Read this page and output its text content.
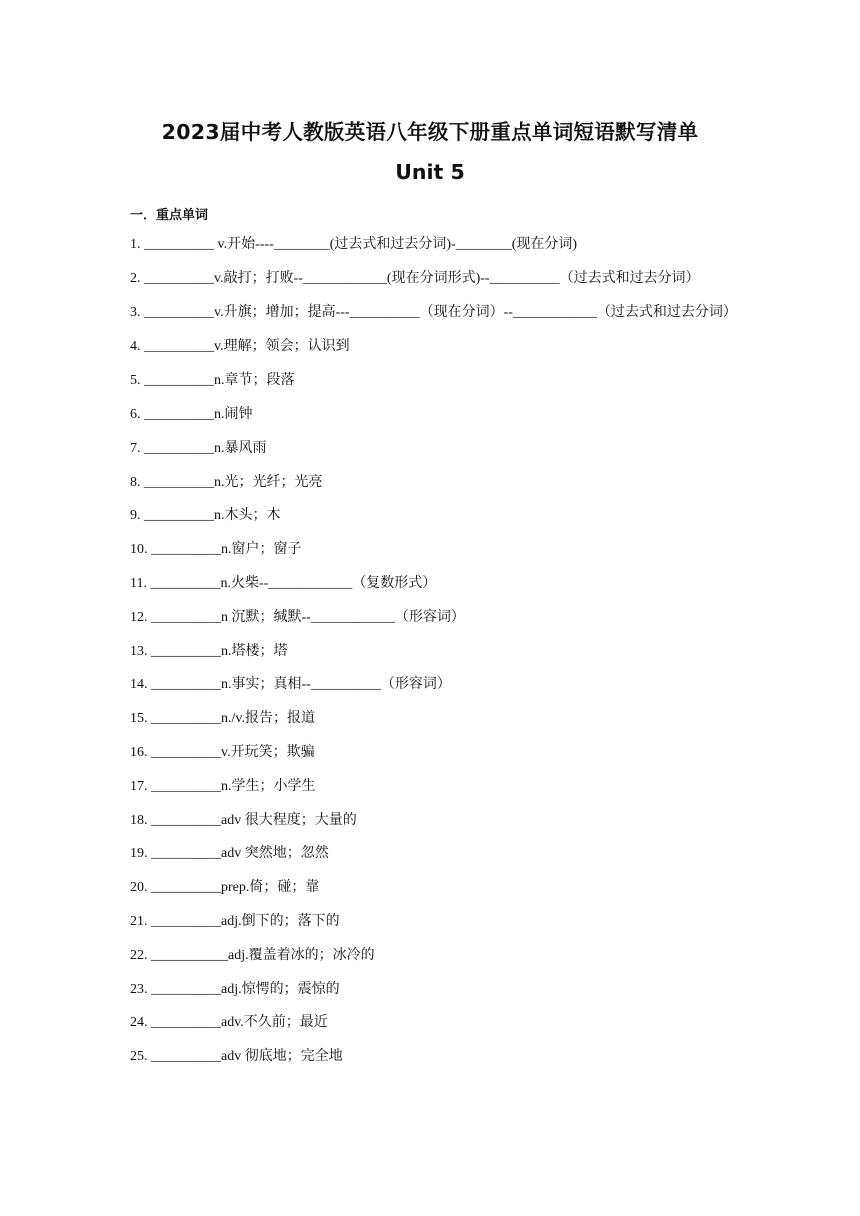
2023届中考人教版英语八年级下册重点单词短语默写清单
Unit 5
一．重点单词
1. __________ v.开始----________(过去式和过去分词)-________(现在分词)
2. __________v.敲打；打败--____________(现在分词形式)--__________（过去式和过去分词）
3. __________v.升旗；增加；提高---__________（现在分词）--____________（过去式和过去分词）
4. __________v.理解；领会；认识到
5. __________n.章节；段落
6. __________n.闹钟
7. __________n.暴风雨
8. __________n.光；光纤；光亮
9. __________n.木头；木
10. __________n.窗户；窗子
11. __________n.火柴--____________（复数形式）
12. __________n 沉默；缄默--____________（形容词）
13. __________n.塔楼；塔
14. __________n.事实；真相--__________（形容词）
15. __________n./v.报告；报道
16. __________v.开玩笑；欺骗
17. __________n.学生；小学生
18. __________adv 很大程度；大量的
19. __________adv 突然地；忽然
20. __________prep.倚；碰；靠
21. __________adj.倒下的；落下的
22. ___________adj.覆盖着冰的；冰冷的
23. __________adj.惊愕的；震惊的
24. __________adv.不久前；最近
25. __________adv 彻底地；完全地
